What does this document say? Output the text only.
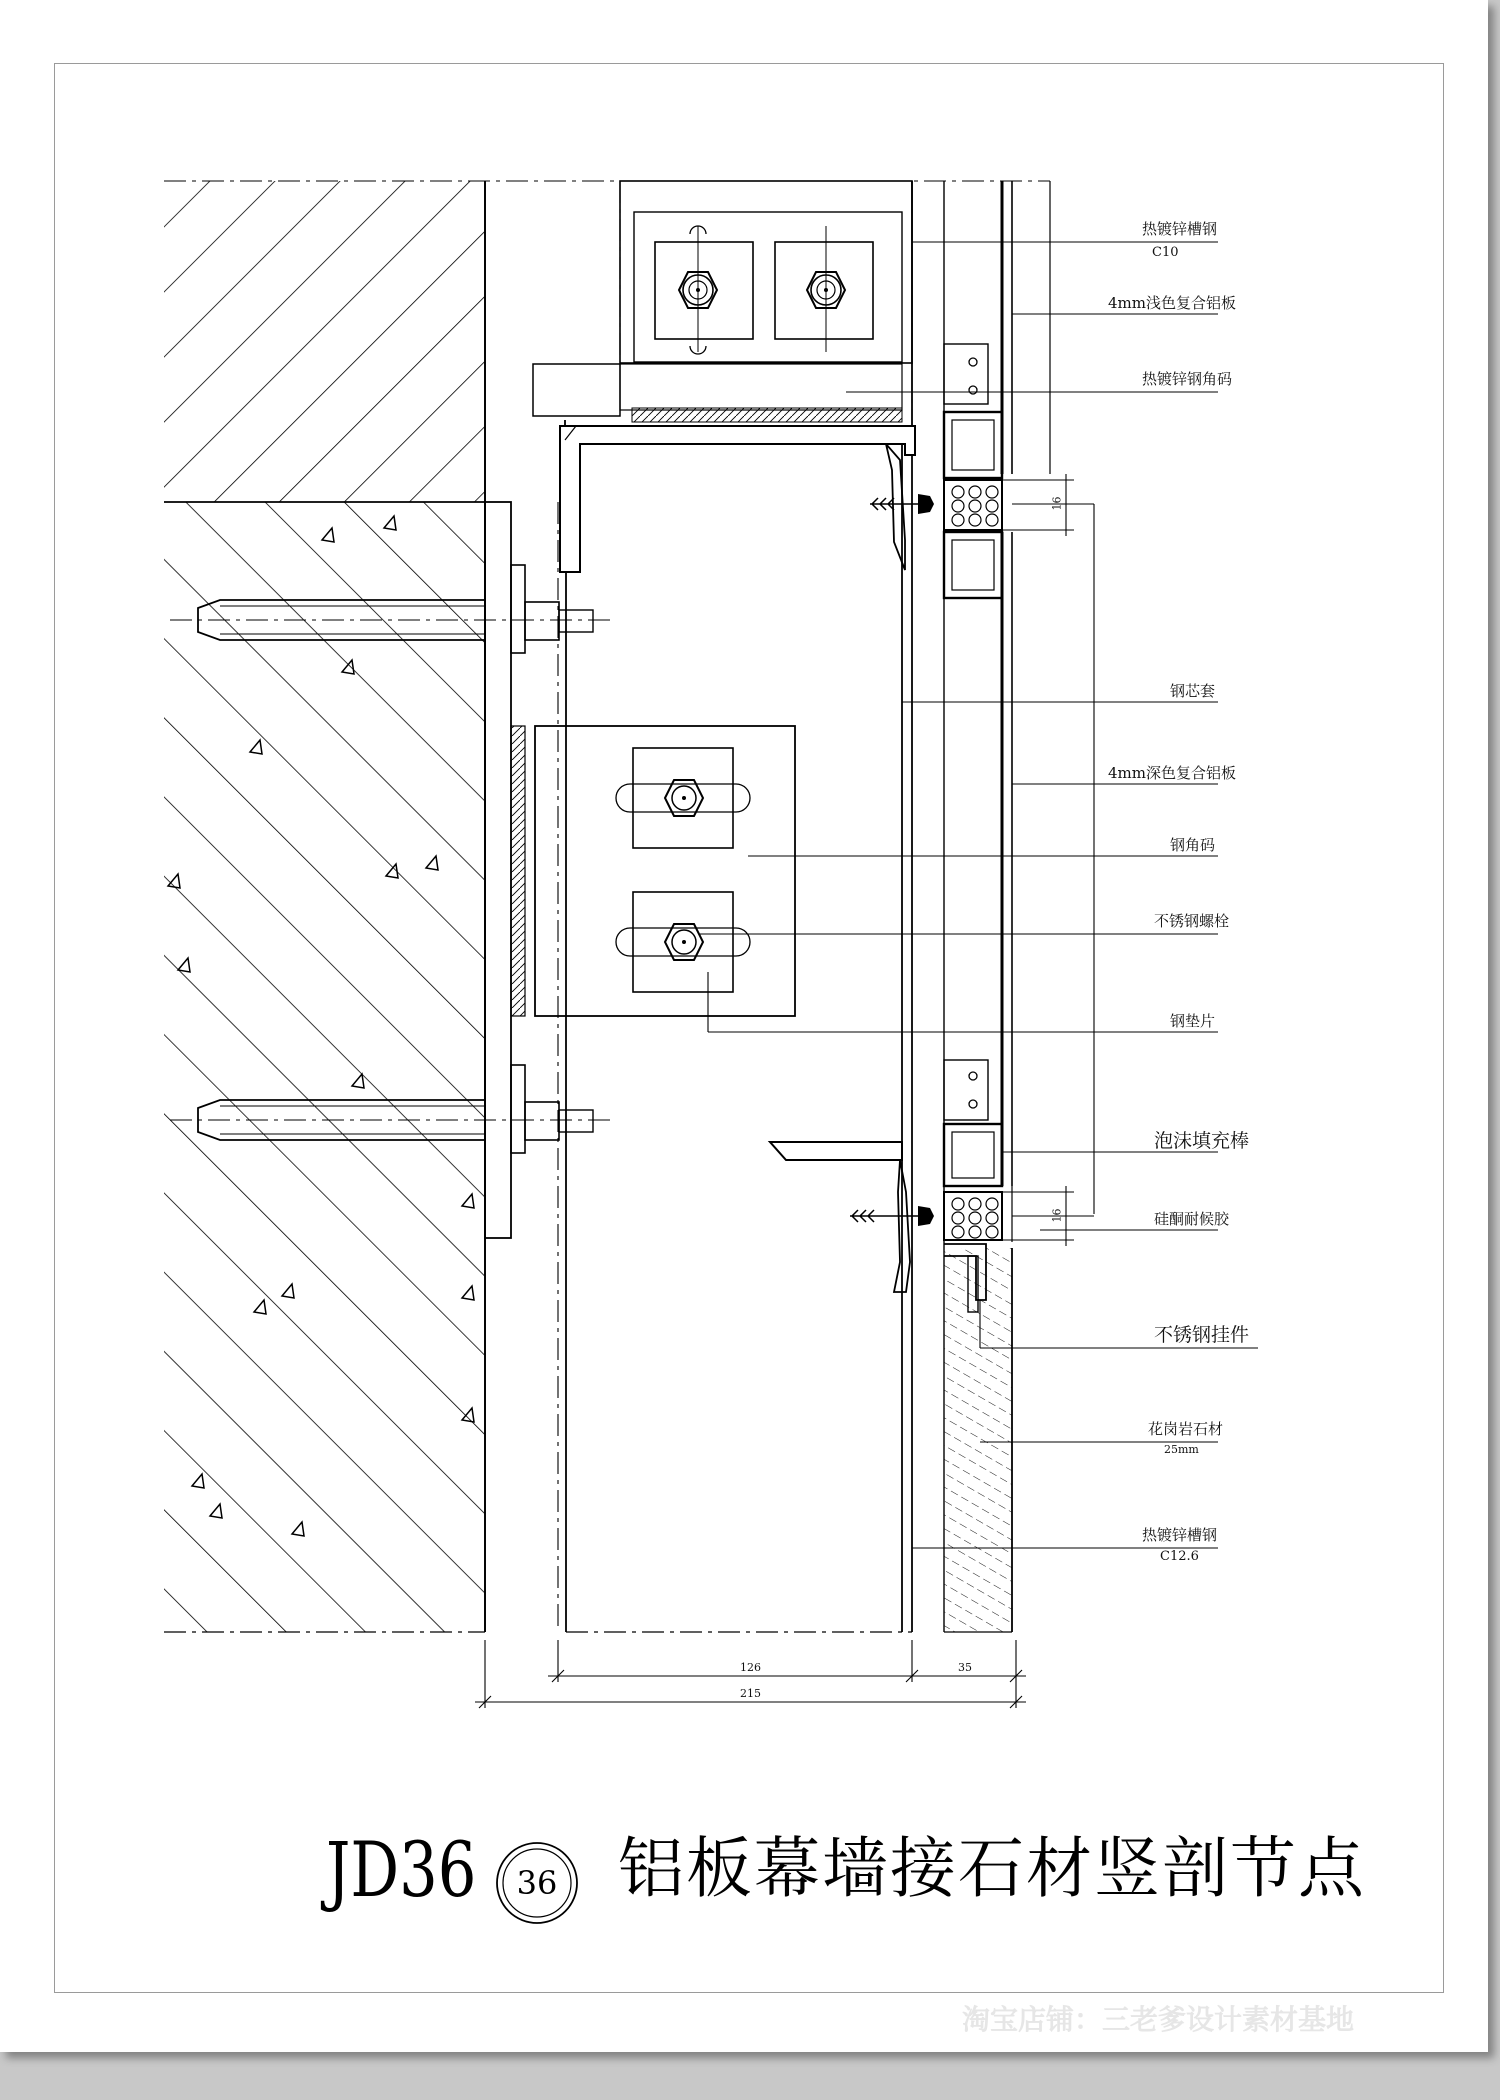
热镀锌槽钢
C10
4mm浅色复合铝板
热镀锌钢角码
钢芯套
4mm深色复合铝板
钢角码
不锈钢螺栓
钢垫片
泡沫填充棒
硅酮耐候胶
不锈钢挂件
花岗岩石材
25mm
热镀锌槽钢
C12.6
16
16
126	35
215
JD36	36 铝板幕墙接石材竖剖节点
淘宝店铺：三老爹设计素材基地
